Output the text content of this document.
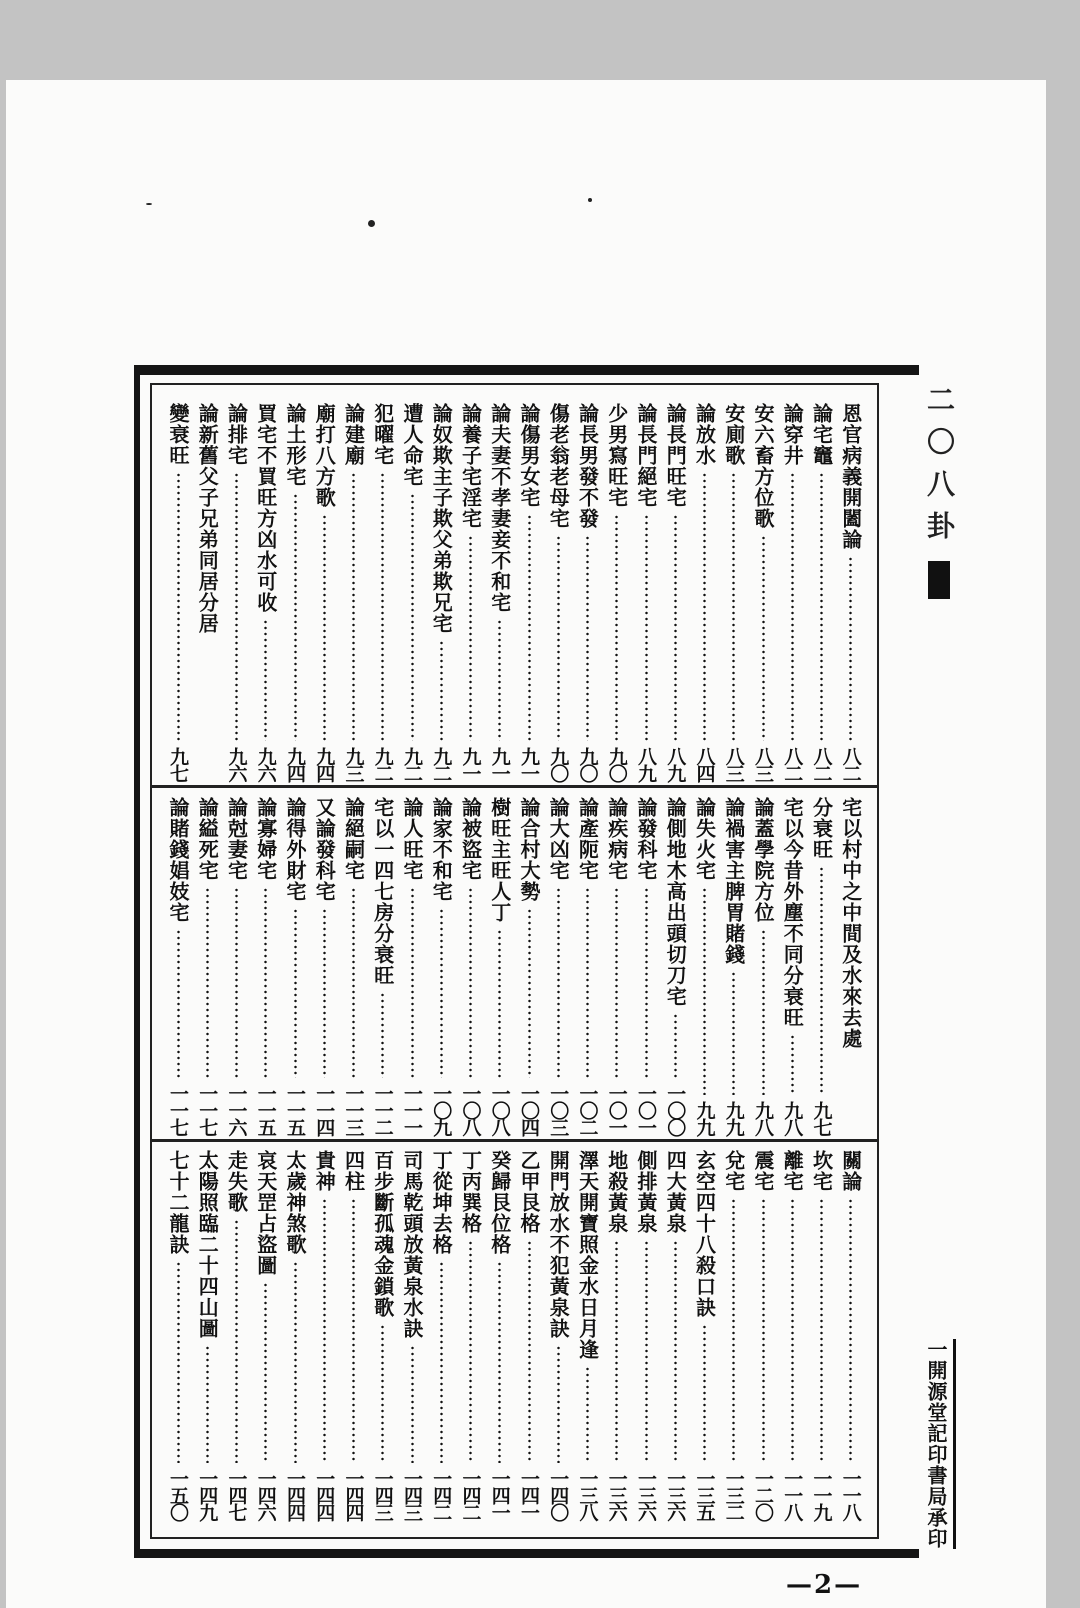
恩官病義開闔論
八二
論宅竈
八二
論穿井
八二
安六畜方位歌
八三
安廁歌
八三
論放水
八四
論長門旺宅
八九
論長門絕宅
八九
少男寫旺宅
九〇
論長男發不發
九〇
傷老翁老母宅
九〇
論傷男女宅
九一
論夫妻不孝妻妾不和宅
九一
論養子宅淫宅
九一
論奴欺主子欺父弟欺兄宅
九二
遭人命宅
九二
犯曜宅
九二
論建廟
九三
廟打八方歌
九四
論土形宅
九四
買宅不買旺方凶水可收
九六
論排宅
九六
論新舊父子兄弟同居分居
變衰旺
九七
宅以村中之中間及水來去處
分衰旺
九七
宅以今昔外塵不同分衰旺
九八
論蓋學院方位
九八
論禍害主脾胃賭錢
九九
論失火宅
九九
論側地木高出頭切刀宅
一〇〇
論發科宅
一〇一
論疾病宅
一〇一
論產阨宅
一〇二
論大凶宅
一〇三
論合村大勢
一〇四
樹旺主旺人丁
一〇八
論被盜宅
一〇八
論家不和宅
一〇九
論人旺宅
一一一
宅以一四七房分衰旺
一一二
論絕嗣宅
一一三
又論發科宅
一一四
論得外財宅
一一五
論寡婦宅
一一五
論尅妻宅
一一六
論縊死宅
一一七
論賭錢娼妓宅
一一七
關論
一一八
坎宅
一一九
離宅
一一八
震宅
一二〇
兌宅
一三二
玄空四十八殺口訣
一三五
四大黃泉
一三六
側排黃泉
一三六
地殺黃泉
一三六
澤天開寶照金水日月逢
一三八
開門放水不犯黃泉訣
一四〇
乙甲艮格
一四一
癸歸艮位格
一四一
丁丙巽格
一四二
丁從坤去格
一四二
司馬乾頭放黃泉水訣
一四三
百步斷孤魂金鎖歌
一四三
四柱
一四四
貴神
一四四
太歲神煞歌
一四四
哀天罡占盜圖
一四六
走失歌
一四七
太陽照臨二十四山圖
一四九
七十二龍訣
一五〇
二〇八卦
一開源堂記印書局承印
—2—
